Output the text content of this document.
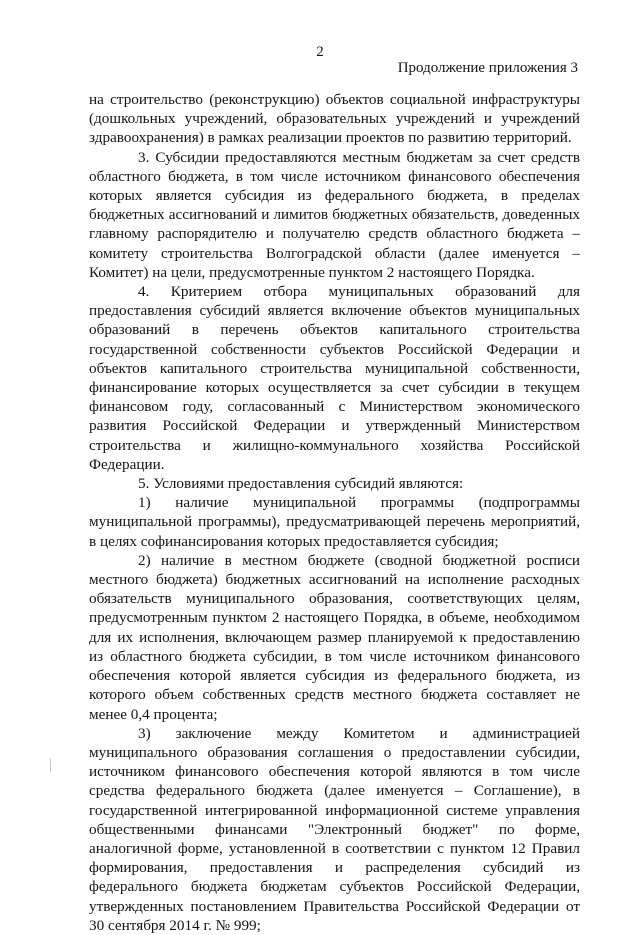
2
Продолжение приложения 3

на строительство (реконструкцию) объектов социальной инфраструктуры (дошкольных учреждений, образовательных учреждений и учреждений здравоохранения) в рамках реализации проектов по развитию территорий.

3. Субсидии предоставляются местным бюджетам за счет средств областного бюджета, в том числе источником финансового обеспечения которых является субсидия из федерального бюджета, в пределах бюджетных ассигнований и лимитов бюджетных обязательств, доведенных главному распорядителю и получателю средств областного бюджета – комитету строительства Волгоградской области (далее именуется – Комитет) на цели, предусмотренные пунктом 2 настоящего Порядка.

4. Критерием отбора муниципальных образований для предоставления субсидий является включение объектов муниципальных образований в перечень объектов капитального строительства государственной собственности субъектов Российской Федерации и объектов капитального строительства муниципальной собственности, финансирование которых осуществляется за счет субсидии в текущем финансовом году, согласованный с Министерством экономического развития Российской Федерации и утвержденный Министерством строительства и жилищно-коммунального хозяйства Российской Федерации.

5. Условиями предоставления субсидий являются:

1) наличие муниципальной программы (подпрограммы муниципальной программы), предусматривающей перечень мероприятий, в целях софинансирования которых предоставляется субсидия;

2) наличие в местном бюджете (сводной бюджетной росписи местного бюджета) бюджетных ассигнований на исполнение расходных обязательств муниципального образования, соответствующих целям, предусмотренным пунктом 2 настоящего Порядка, в объеме, необходимом для их исполнения, включающем размер планируемой к предоставлению из областного бюджета субсидии, в том числе источником финансового обеспечения которой является субсидия из федерального бюджета, из которого объем собственных средств местного бюджета составляет не менее 0,4 процента;

3) заключение между Комитетом и администрацией муниципального образования соглашения о предоставлении субсидии, источником финансового обеспечения которой являются в том числе средства федерального бюджета (далее именуется – Соглашение), в государственной интегрированной информационной системе управления общественными финансами "Электронный бюджет" по форме, аналогичной форме, установленной в соответствии с пунктом 12 Правил формирования, предоставления и распределения субсидий из федерального бюджета бюджетам субъектов Российской Федерации, утвержденных постановлением Правительства Российской Федерации от 30 сентября 2014 г. № 999;
